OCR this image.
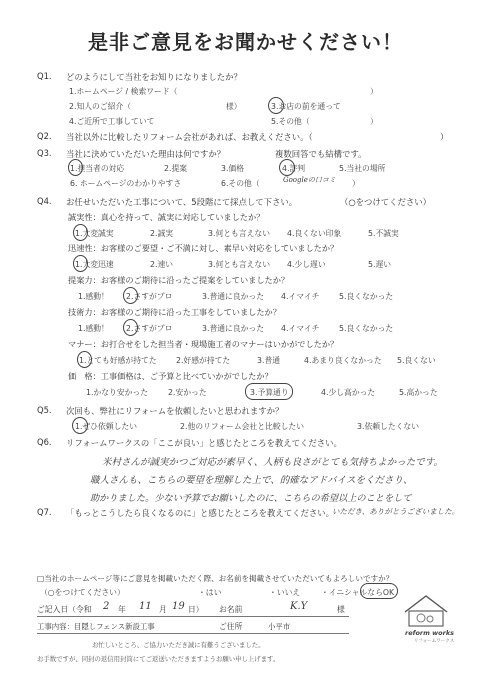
是非ご意見をお聞かせください！
Q1. どのようにして当社をお知りになりましたか？
1.ホームページ / 検索ワード（	）
2.知人のご紹介（	様）	3.お店の前を通って
4.ご近所で工事していて	5.その他（	）
Q2. 当社以外に比較したリフォーム会社があれば、お教えください。（	）
Q3. 当社に決めていただいた理由は何ですか？	複数回答でも結構です。
1.担当者の対応	2.提案	3.価格	4.評判	5.当社の場所
6. ホームページのわかりやすさ	6.その他（	）
Googleの口コミ
Q4. お任せいただいた工事について、5段階にて採点して下さい。	（○をつけてください）
誠実性：真心を持って、誠実に対応していましたか？
1.大変誠実	2.誠実	3.何とも言えない 4.良くない印象	5.不誠実
迅速性：お客様のご要望・ご不満に対し、素早い対応をしていましたか？
1.大変迅速	2.速い	3.何とも言えない 4.少し遅い	5.遅い
提案力：お客様のご期待に沿ったご提案をしていましたか？
1.感動！ 2.さすがプロ	3.普通に良かった 4.イマイチ	5.良くなかった
技術力：お客様のご期待に沿った工事をしていましたか？
1.感動！ 2.さすがプロ	3.普通に良かった 4.イマイチ	5.良くなかった
マナー：お打合せをした担当者・現場施工者のマナーはいかがでしたか？
1.とても好感が持てた 2.好感が持てた	3.普通	4.あまり良くなかった 5.良くない
価　格：工事価格は、ご予算と比べていかがでしたか？
1.かなり安かった	2.安かった	3.予算通り	4.少し高かった	5.高かった
Q5. 次回も、弊社にリフォームを依頼したいと思われますか？
1.ぜひ依頼したい	2.他のリフォーム会社と比較したい	3.依頼したくない
Q6. リフォームワークスの「ここが良い」と感じたところを教えてください。
米村さんが誠実かつご対応が素早く、人柄も良さがとても気持ちよかったです。
職人さんも、こちらの要望を理解した上で、的確なアドバイスをくださり、
助かりました。少ない予算でお願いしたのに、こちらの希望以上のことをして
Q7. 「もっとこうしたら良くなるのに」と感じたところを教えてください。
いただき、ありがとうございました。
□当社のホームページ等にご意見を掲載いただく際、お名前を掲載させていただいてもよろしいですか？
（○をつけてください）	・はい	・いいえ	・イニシャルならOK
ご記入日（令和 2 年 11 月 19 日） お名前	K.Y	様
工事内容：目隠しフェンス新設工事	ご住所	小平市
reform works
リフォームワークス
お忙しいところ、ご協力いただき誠に有難うございました。
お手数ですが、同封の返信用封筒にてご返送いただきますようお願い申し上げます。
